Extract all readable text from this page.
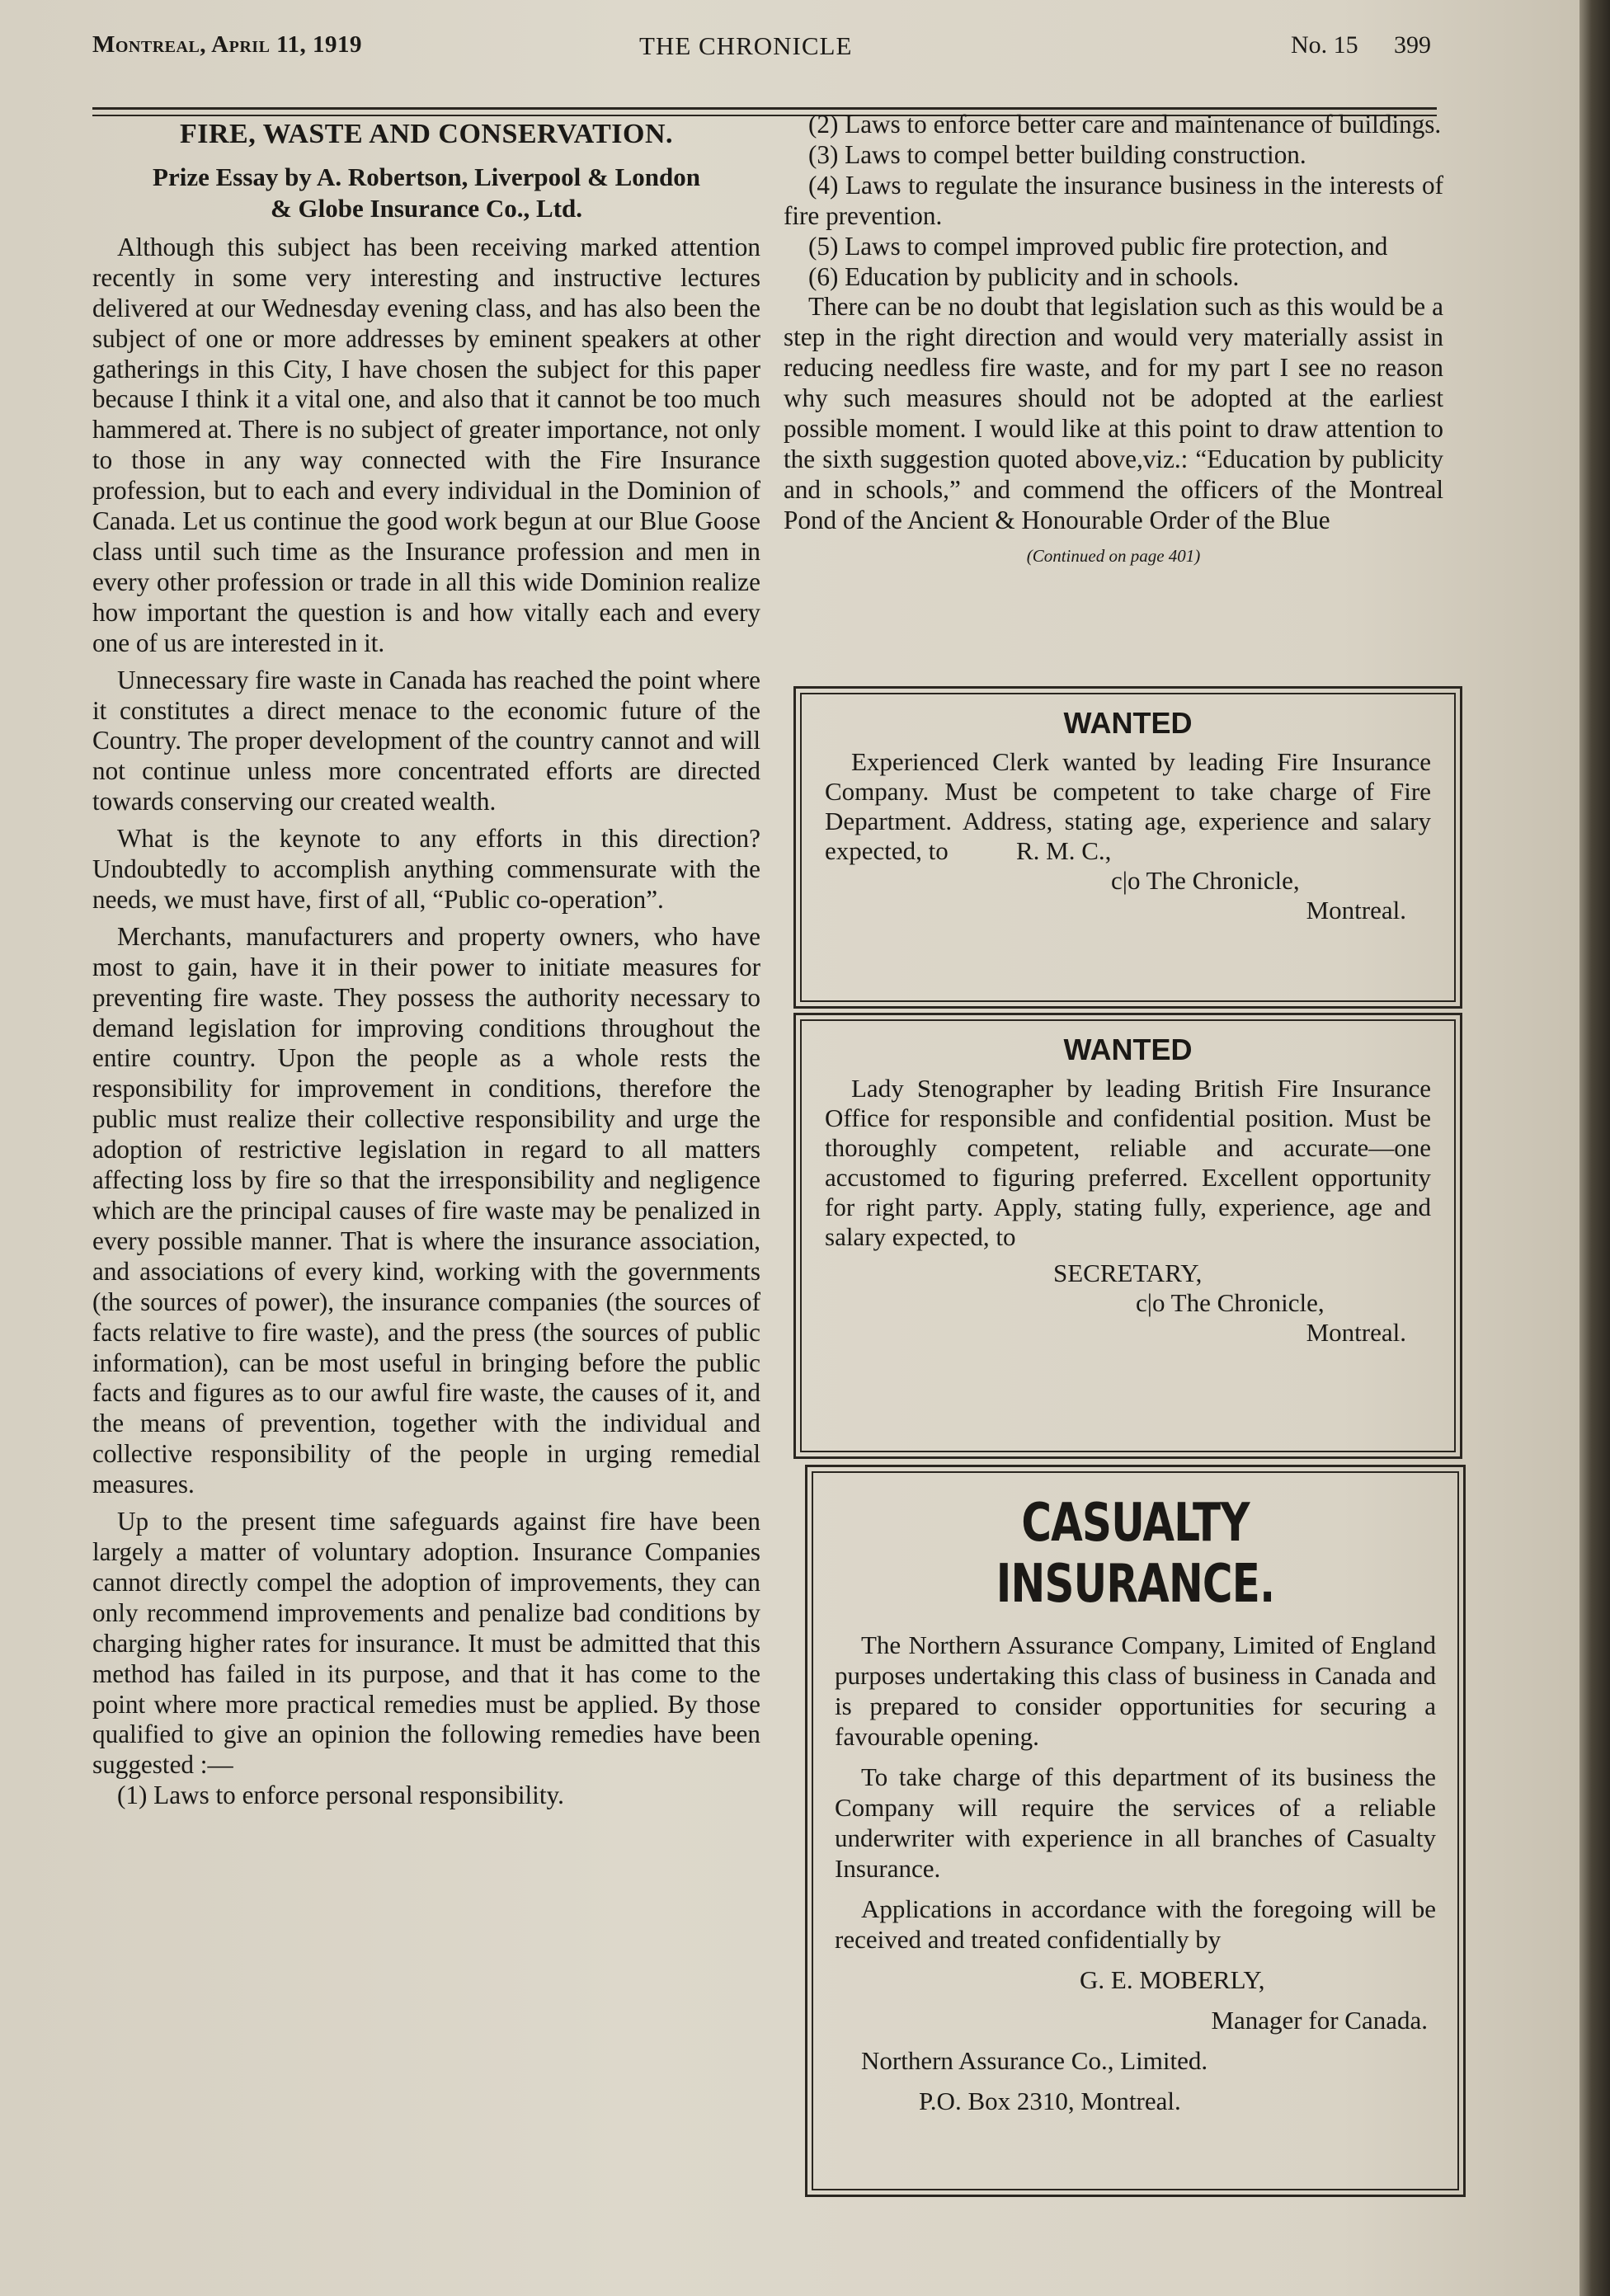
Montreal, April 11, 1919	THE CHRONICLE	No. 15 399
FIRE, WASTE AND CONSERVATION.
Prize Essay by A. Robertson, Liverpool & London
& Globe Insurance Co., Ltd.

Although this subject has been receiving marked attention recently in some very interesting and instructive lectures delivered at our Wednesday evening class, and has also been the subject of one or more addresses by eminent speakers at other gatherings in this City, I have chosen the subject for this paper because I think it a vital one, and also that it cannot be too much hammered at. There is no subject of greater importance, not only to those in any way connected with the Fire Insurance profession, but to each and every individual in the Dominion of Canada. Let us continue the good work begun at our Blue Goose class until such time as the Insurance profession and men in every other profession or trade in all this wide Dominion realize how important the question is and how vitally each and every one of us are interested in it.

Unnecessary fire waste in Canada has reached the point where it constitutes a direct menace to the economic future of the Country. The proper development of the country cannot and will not continue unless more concentrated efforts are directed towards conserving our created wealth.

What is the keynote to any efforts in this direction? Undoubtedly to accomplish anything commensurate with the needs, we must have, first of all, “Public co-operation”.

Merchants, manufacturers and property owners, who have most to gain, have it in their power to initiate measures for preventing fire waste. They possess the authority necessary to demand legislation for improving conditions throughout the entire country. Upon the people as a whole rests the responsibility for improvement in conditions, therefore the public must realize their collective responsibility and urge the adoption of restrictive legislation in regard to all matters affecting loss by fire so that the irresponsibility and negligence which are the principal causes of fire waste may be penalized in every possible manner. That is where the insurance association, and associations of every kind, working with the governments (the sources of power), the insurance companies (the sources of facts relative to fire waste), and the press (the sources of public information), can be most useful in bringing before the public facts and figures as to our awful fire waste, the causes of it, and the means of prevention, together with the individual and collective responsibility of the people in urging remedial measures.

Up to the present time safeguards against fire have been largely a matter of voluntary adoption. Insurance Companies cannot directly compel the adoption of improvements, they can only recommend improvements and penalize bad conditions by charging higher rates for insurance. It must be admitted that this method has failed in its purpose, and that it has come to the point where more practical remedies must be applied. By those qualified to give an opinion the following remedies have been suggested :—

(1) Laws to enforce personal responsibility.

(2) Laws to enforce better care and maintenance of buildings.

(3) Laws to compel better building construction.

(4) Laws to regulate the insurance business in the interests of fire prevention.

(5) Laws to compel improved public fire protection, and

(6) Education by publicity and in schools.

There can be no doubt that legislation such as this would be a step in the right direction and would very materially assist in reducing needless fire waste, and for my part I see no reason why such measures should not be adopted at the earliest possible moment. I would like at this point to draw attention to the sixth suggestion quoted above,viz.: “Education by publicity and in schools,” and commend the officers of the Montreal Pond of the Ancient & Honourable Order of the Blue

(Continued on page 401)

WANTED

Experienced Clerk wanted by leading Fire Insurance Company. Must be competent to take charge of Fire Department. Address, stating age, experience and salary expected, to	R. M. C.,

c|o The Chronicle,

Montreal.

WANTED

Lady Stenographer by leading British Fire Insurance Office for responsible and confidential position. Must be thoroughly competent, reliable and accurate—one accustomed to figuring preferred. Excellent opportunity for right party. Apply, stating fully, experience, age and salary expected, to

SECRETARY,

c|o The Chronicle,

Montreal.

CASUALTY INSURANCE.

The Northern Assurance Company, Limited of England purposes undertaking this class of business in Canada and is prepared to consider opportunities for securing a favourable opening.

To take charge of this department of its business the Company will require the services of a reliable underwriter with experience in all branches of Casualty Insurance.

Applications in accordance with the foregoing will be received and treated confidentially by

G. E. MOBERLY,

Manager for Canada.

Northern Assurance Co., Limited.

P.O. Box 2310, Montreal.
